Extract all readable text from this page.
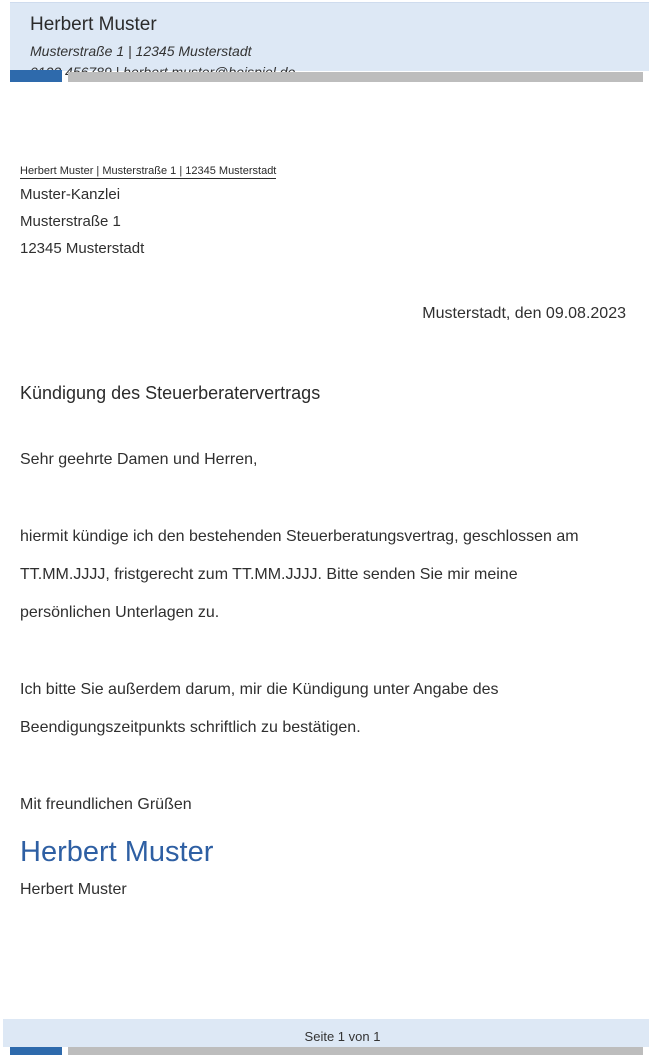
Herbert Muster
Musterstraße 1 | 12345 Musterstadt
Herbert Muster | Musterstraße 1 | 12345 Musterstadt
Muster-Kanzlei
Musterstraße 1
12345 Musterstadt
Musterstadt, den 09.08.2023
Kündigung des Steuerberatervertrags
Sehr geehrte Damen und Herren,
hiermit kündige ich den bestehenden Steuerberatungsvertrag, geschlossen am
TT.MM.JJJJ, fristgerecht zum TT.MM.JJJJ. Bitte senden Sie mir meine
persönlichen Unterlagen zu.
Ich bitte Sie außerdem darum, mir die Kündigung unter Angabe des
Beendigungszeitpunkts schriftlich zu bestätigen.
Mit freundlichen Grüßen
Herbert Muster
Herbert Muster
Seite 1 von 1
